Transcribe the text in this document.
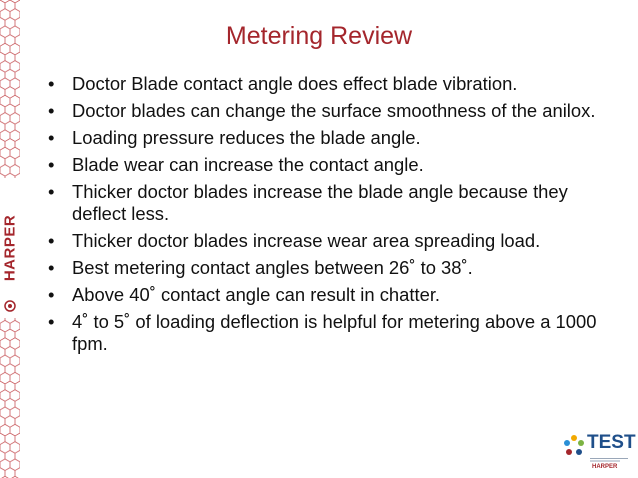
HARPER
Metering Review
• Doctor Blade contact angle does effect blade vibration.
• Doctor blades can change the surface smoothness of the anilox.
• Loading pressure reduces the blade angle.
• Blade wear can increase the contact angle.
• Thicker doctor blades increase the blade angle because they deflect less.
• Thicker doctor blades increase wear area spreading load.
• Best metering contact angles between 26˚ to 38˚.
• Above 40˚ contact angle can result in chatter.
• 4˚ to 5˚ of loading deflection is helpful for metering above a 1000 fpm.
TEST
HARPER
